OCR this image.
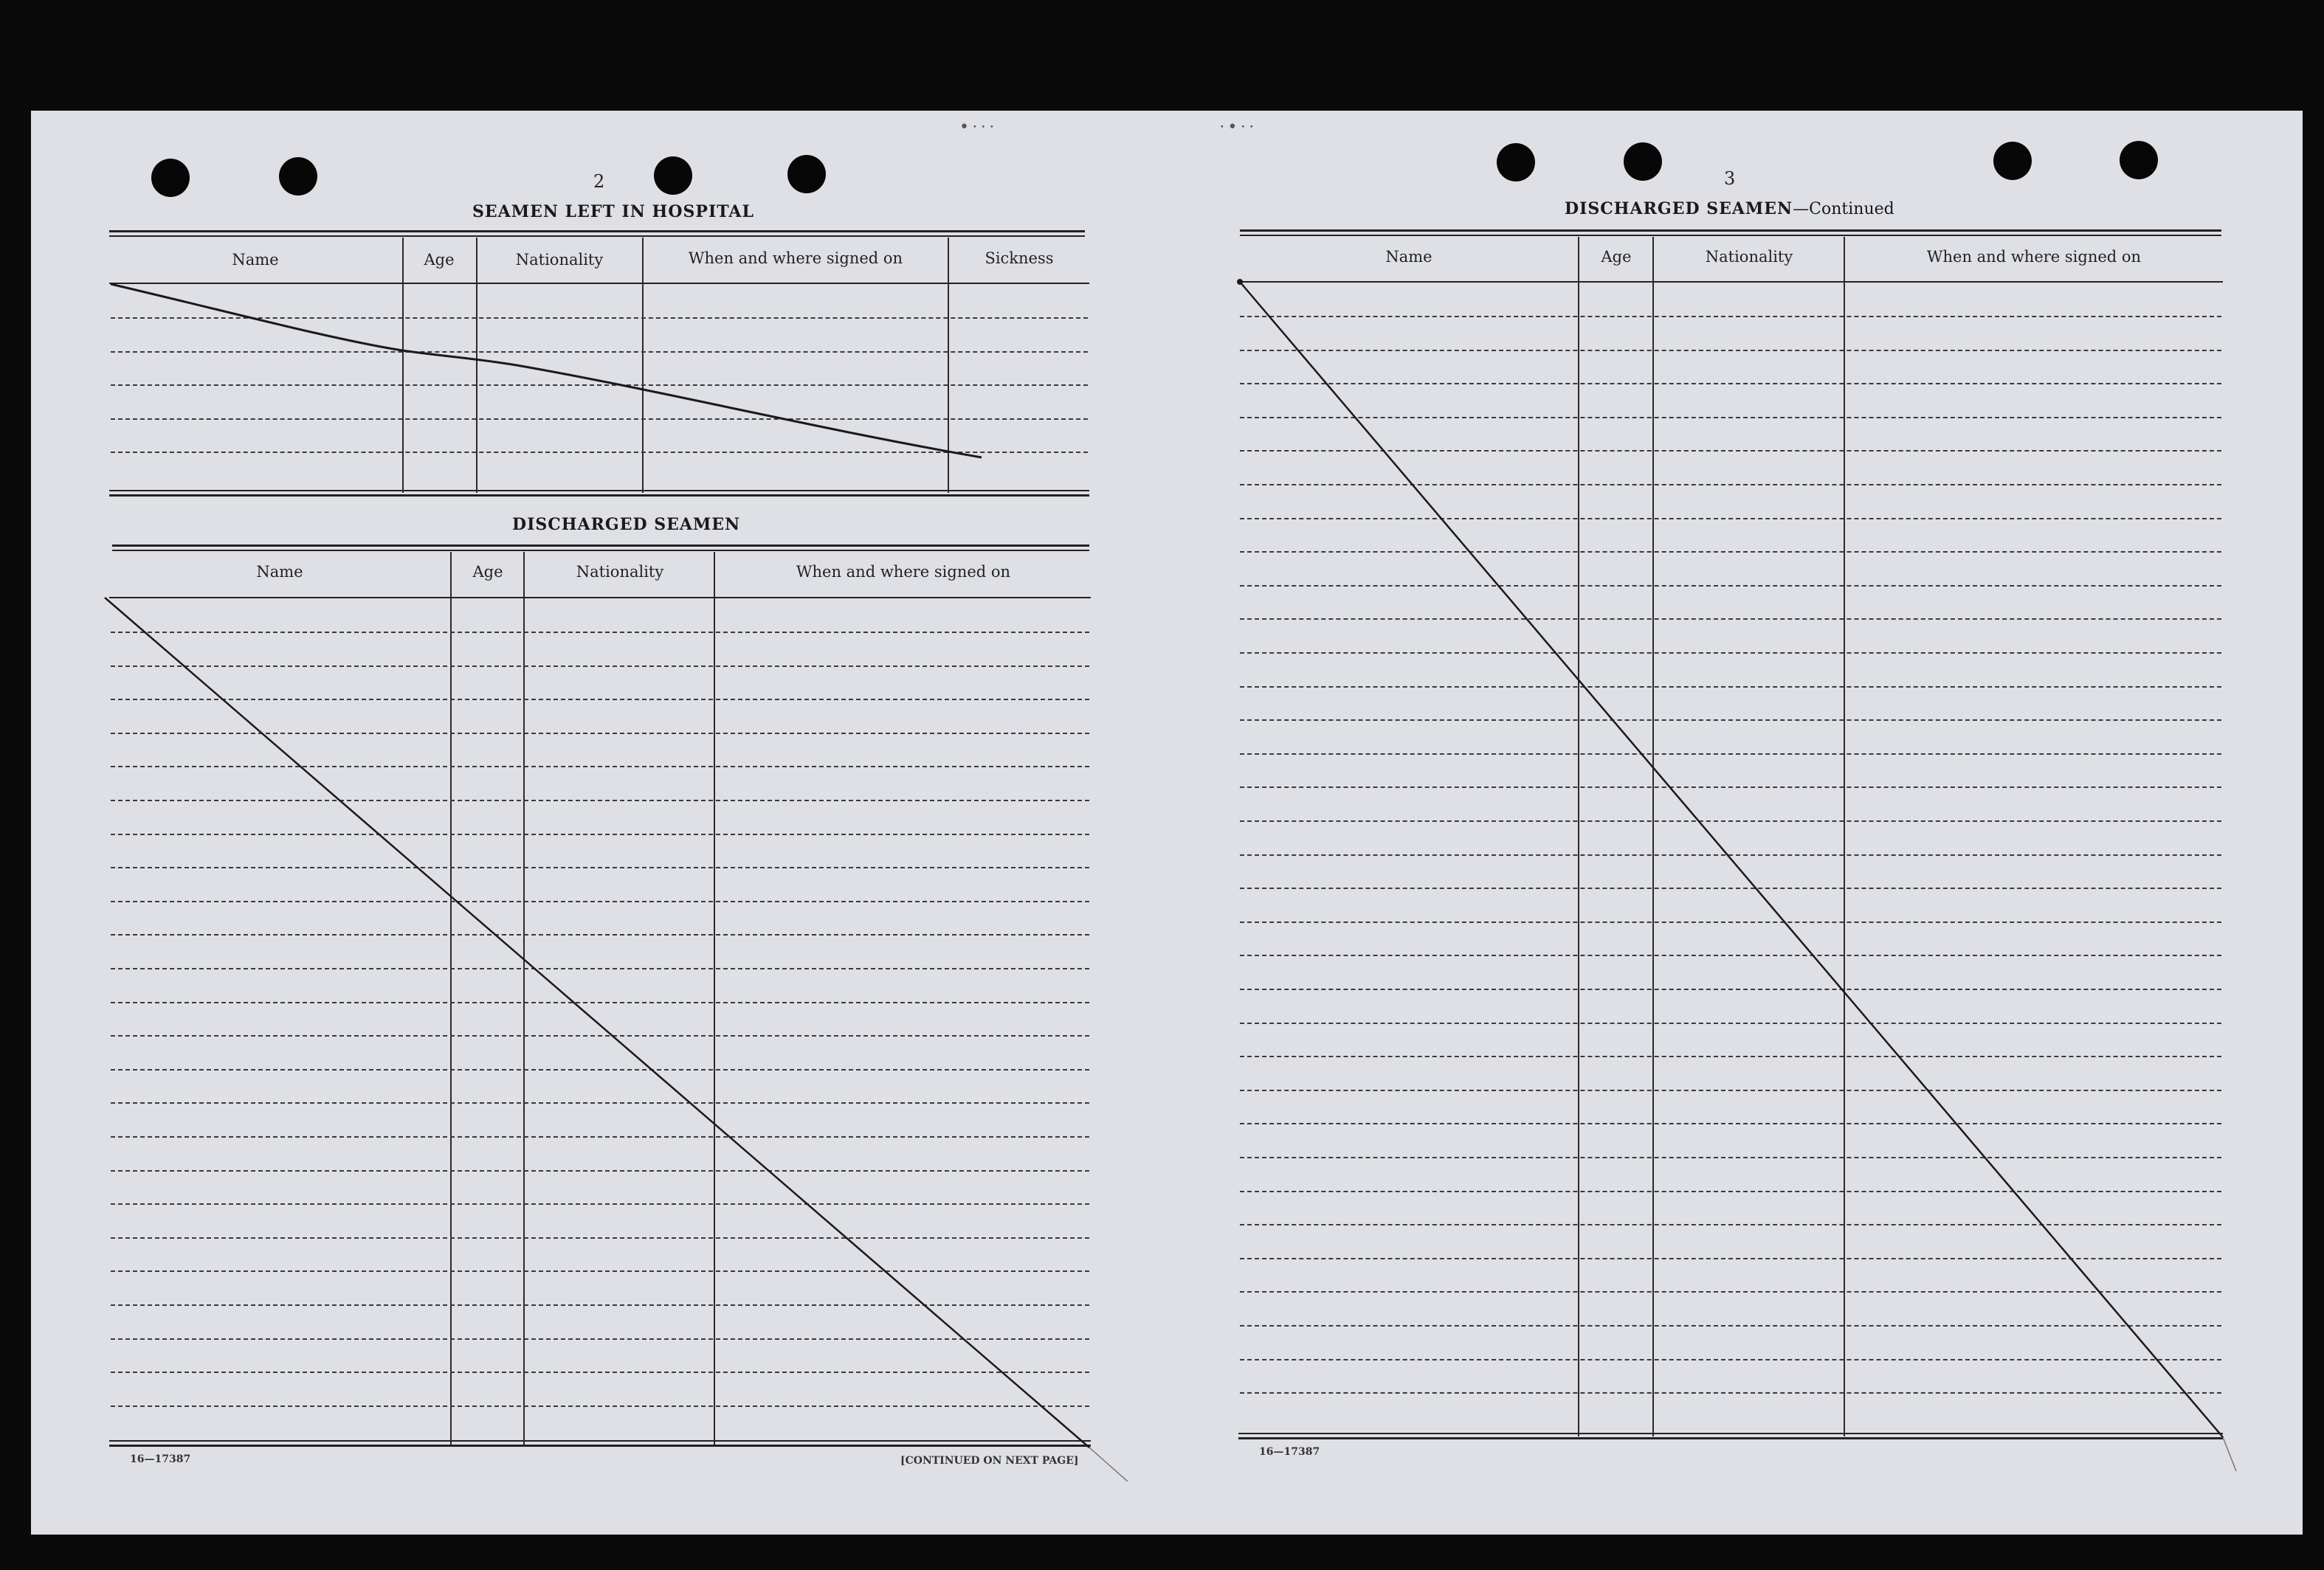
•⋅⋅⋅	⋅•⋅⋅
2
SEAMEN LEFT IN HOSPITAL
Name	Age	Nationality	When and where signed on	Sickness
DISCHARGED SEAMEN
Name	Age	Nationality	When and where signed on
16—17387	[CONTINUED ON NEXT PAGE]
3
DISCHARGED SEAMEN—Continued
Name	Age	Nationality	When and where signed on
16—17387
